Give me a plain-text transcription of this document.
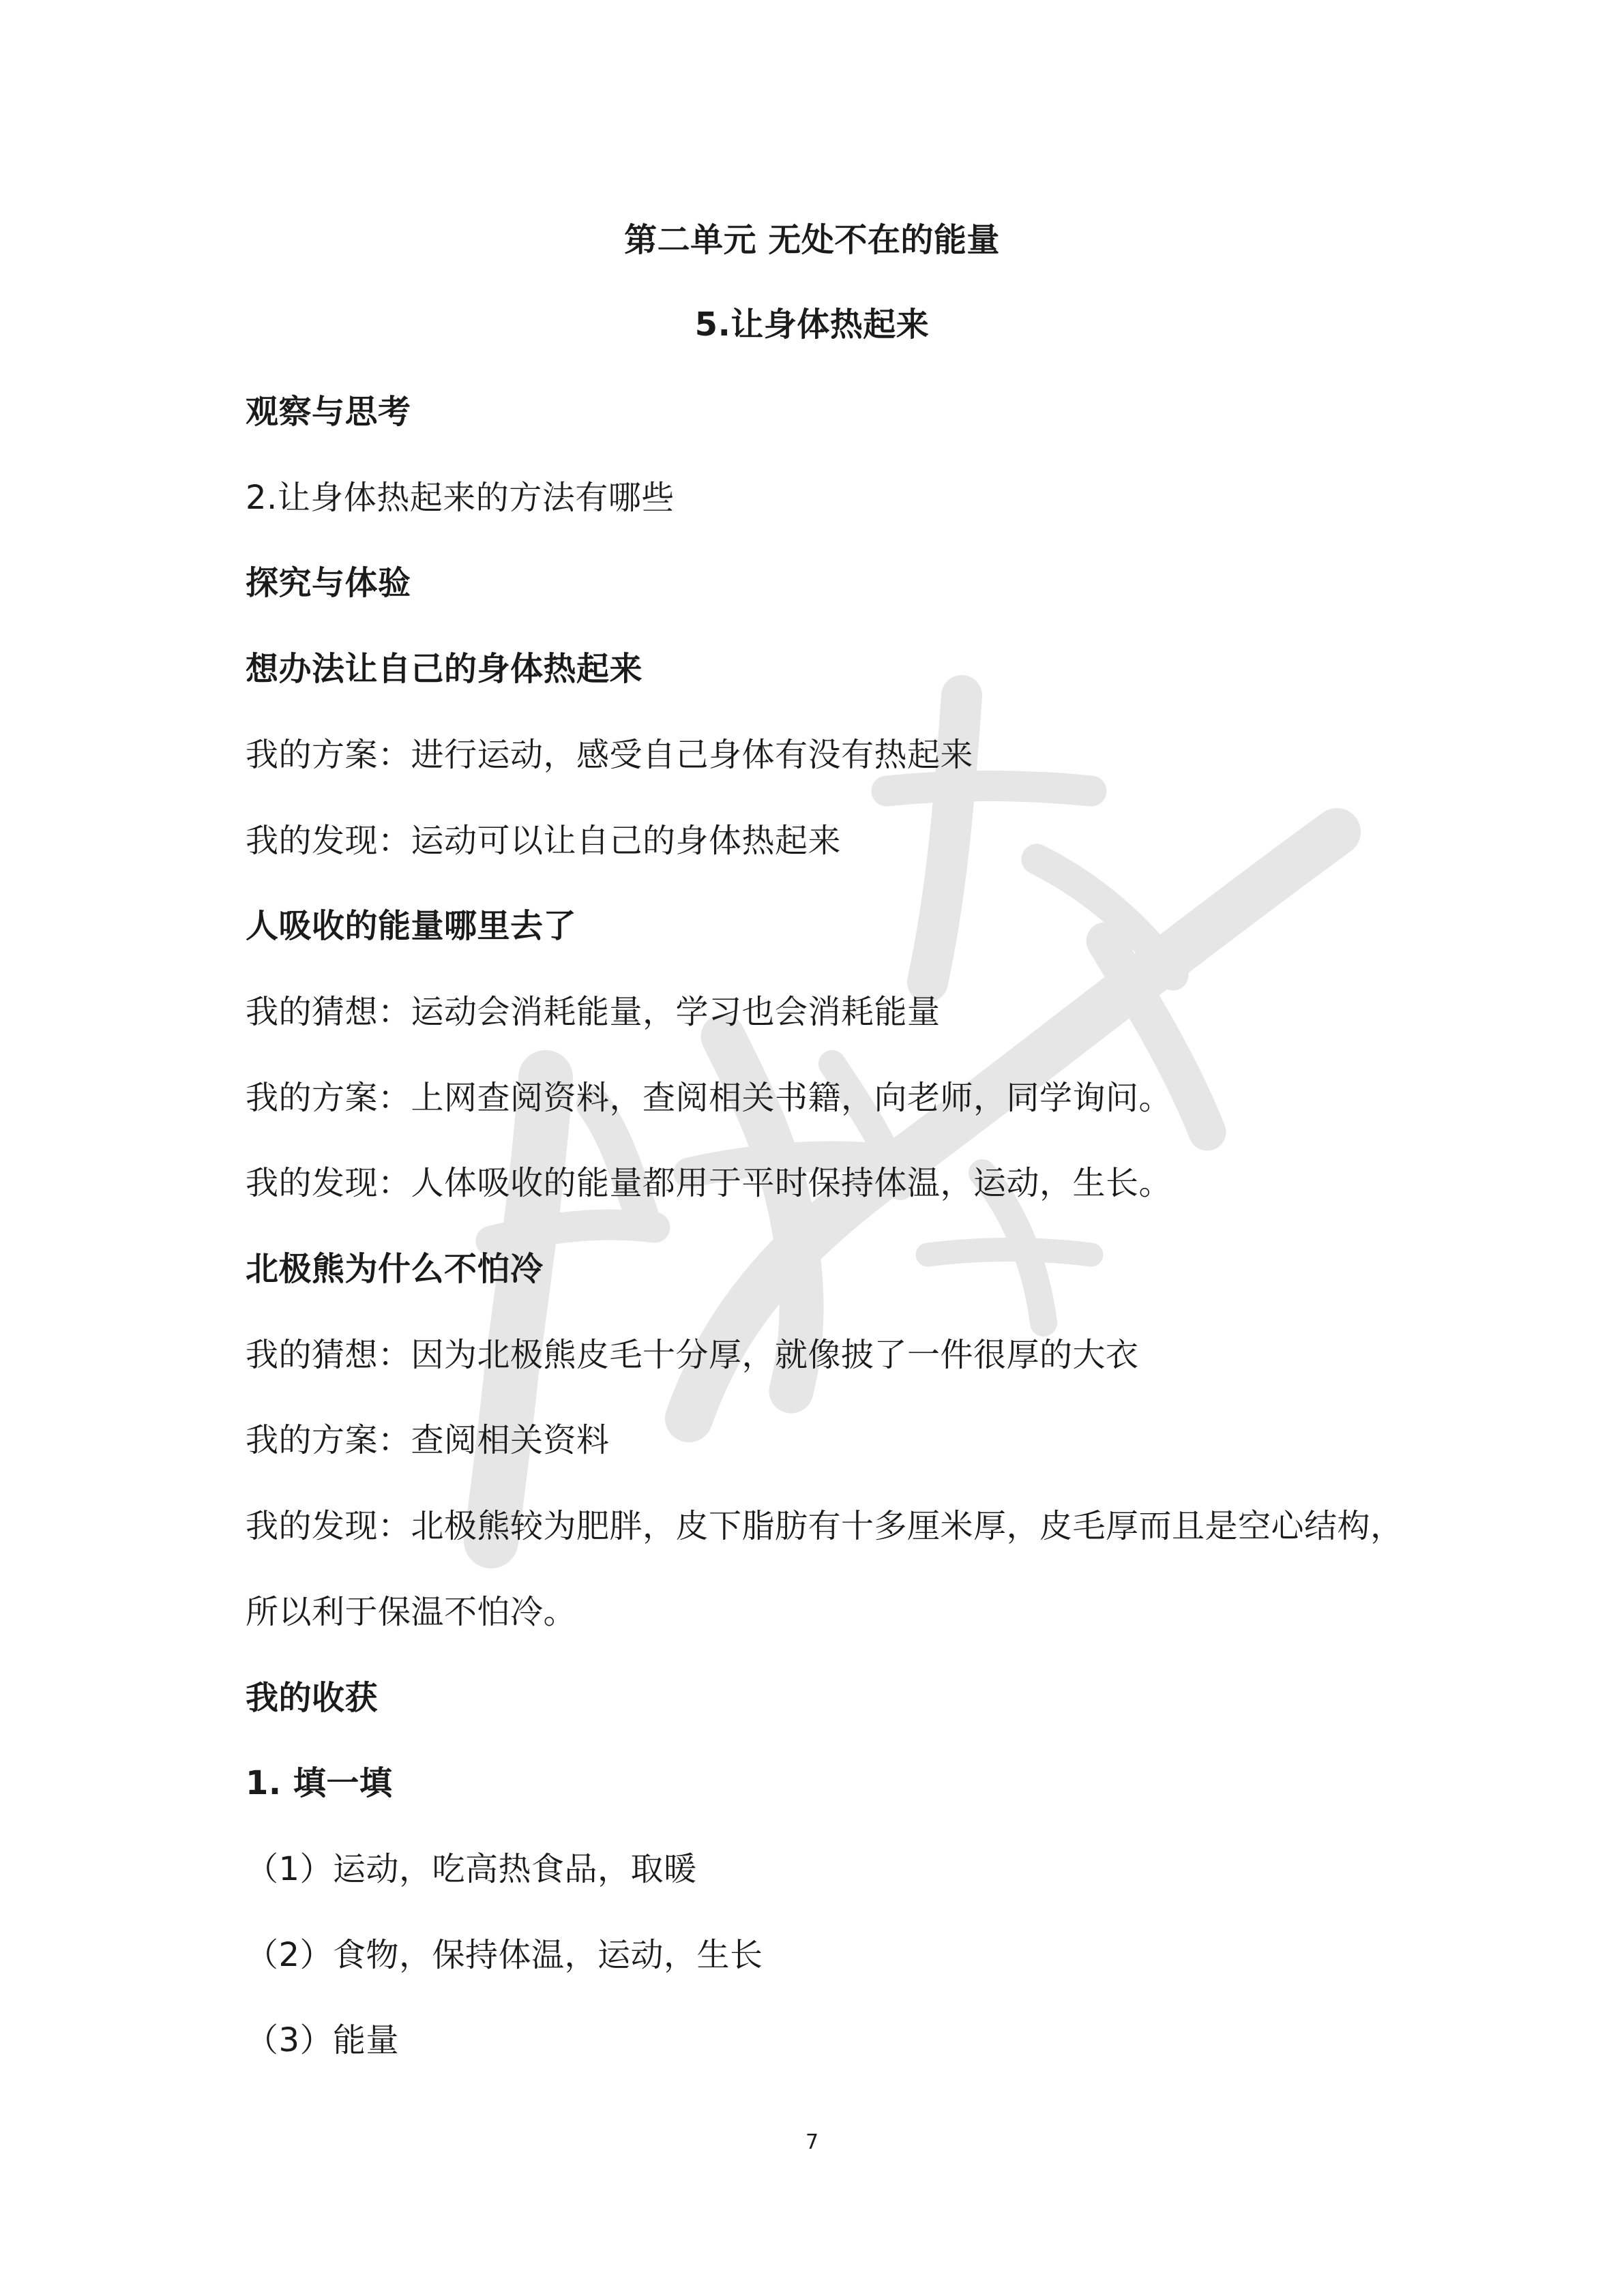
第二单元 无处不在的能量
5.让身体热起来
观察与思考
2.让身体热起来的方法有哪些
探究与体验
想办法让自己的身体热起来
我的方案：进行运动，感受自己身体有没有热起来
我的发现：运动可以让自己的身体热起来
人吸收的能量哪里去了
我的猜想：运动会消耗能量，学习也会消耗能量
我的方案：上网查阅资料，查阅相关书籍，向老师，同学询问。
我的发现：人体吸收的能量都用于平时保持体温，运动，生长。
北极熊为什么不怕冷
我的猜想：因为北极熊皮毛十分厚，就像披了一件很厚的大衣
我的方案：查阅相关资料
我的发现：北极熊较为肥胖，皮下脂肪有十多厘米厚，皮毛厚而且是空心结构，
所以利于保温不怕冷。
我的收获
1. 填一填
（1）运动，吃高热食品，取暖
（2）食物，保持体温，运动，生长
（3）能量
7
